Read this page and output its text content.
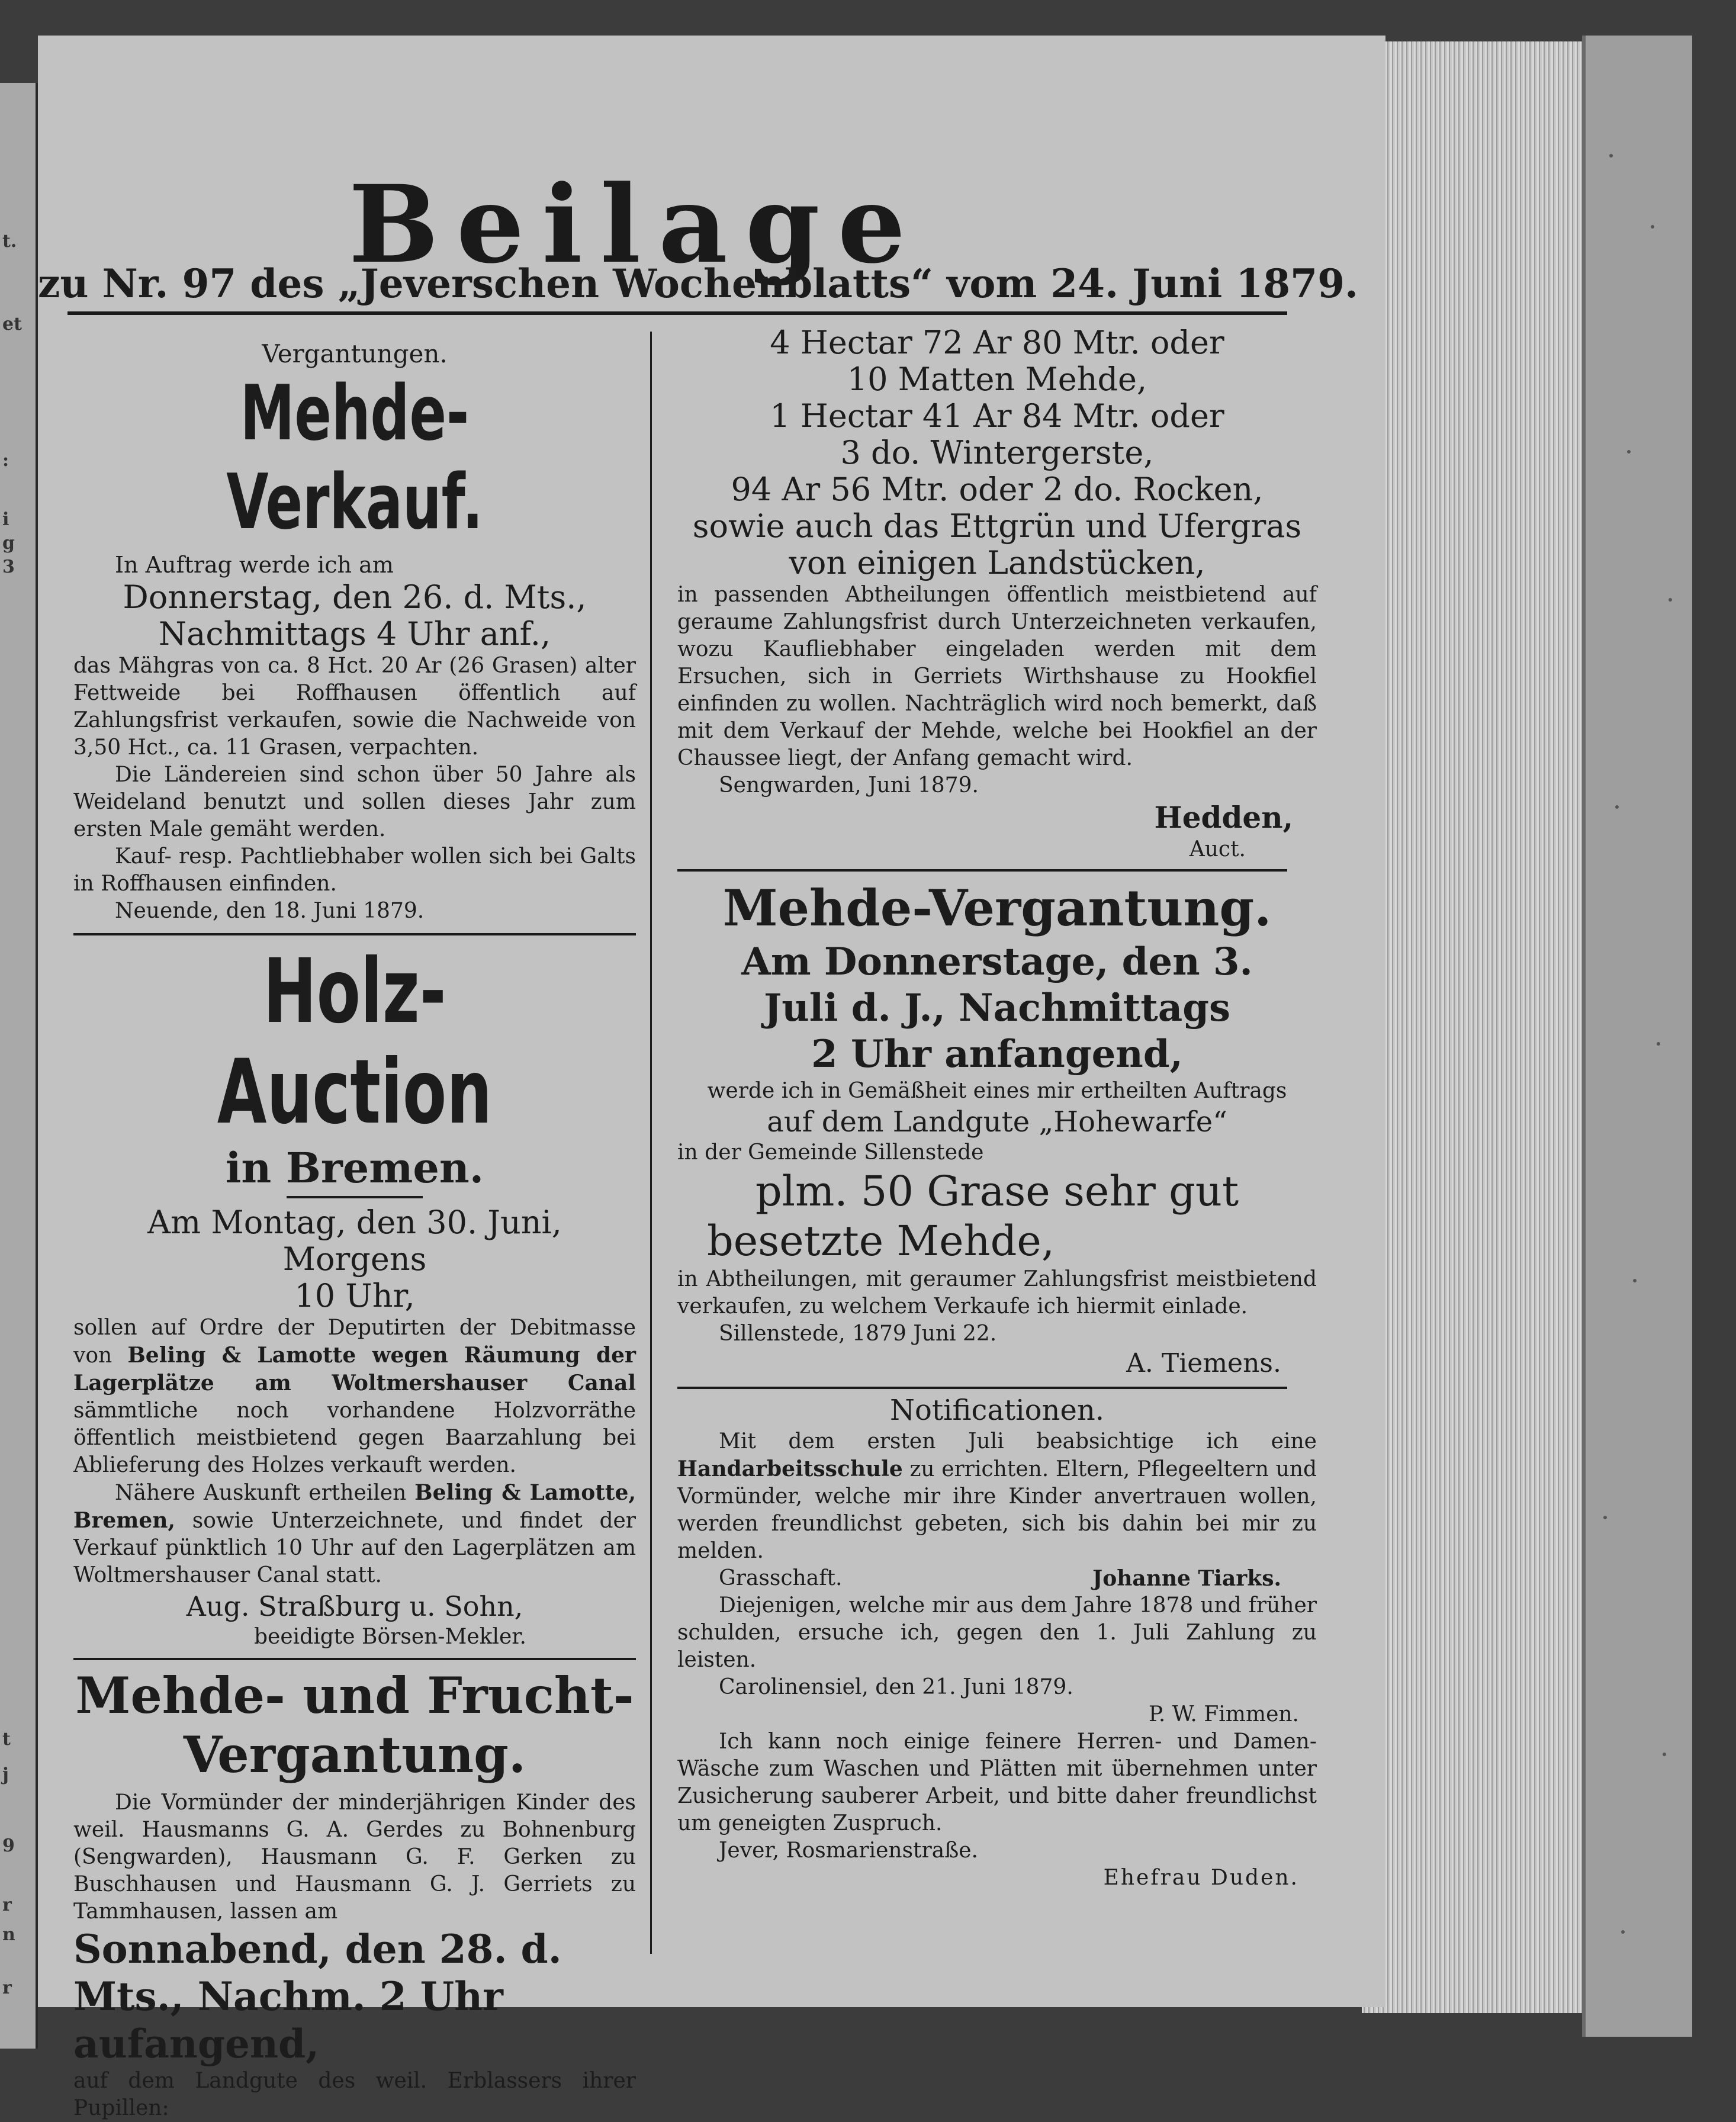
t.
et
:
i
g
3
t
j
9
r
n
r
Beilage
zu Nr. 97 des „Jeverschen Wochenblatts“ vom 24. Juni 1879.

Vergantungen.

Mehde-Verkauf.

In Auftrag werde ich am

Donnerstag, den 26. d. Mts.,

Nachmittags 4 Uhr anf.,

das Mähgras von ca. 8 Hct. 20 Ar (26 Grasen) alter Fettweide bei Roffhausen öffentlich auf Zahlungsfrist verkaufen, sowie die Nachweide von 3,50 Hct., ca. 11 Grasen, verpachten.

Die Ländereien sind schon über 50 Jahre als Weideland benutzt und sollen dieses Jahr zum ersten Male gemäht werden.

Kauf- resp. Pachtliebhaber wollen sich bei Galts in Roffhausen einfinden.

Neuende, den 18. Juni 1879.

Holz-Auction

in Bremen.

Am Montag, den 30. Juni, Morgens

10 Uhr,

sollen auf Ordre der Deputirten der Debitmasse von Beling & Lamotte wegen Räumung der Lagerplätze am Woltmershauser Canal sämmtliche noch vorhandene Holzvorräthe öffentlich meistbietend gegen Baarzahlung bei Ablieferung des Holzes verkauft werden.

Nähere Auskunft ertheilen Beling & Lamotte, Bremen, sowie Unterzeichnete, und findet der Verkauf pünktlich 10 Uhr auf den Lagerplätzen am Woltmershauser Canal statt.

Aug. Straßburg u. Sohn,

beeidigte Börsen-Mekler.

Mehde- und Frucht-

Vergantung.

Die Vormünder der minderjährigen Kinder des weil. Hausmanns G. A. Gerdes zu Bohnenburg (Sengwarden), Hausmann G. F. Gerken zu Buschhausen und Hausmann G. J. Gerriets zu Tammhausen, lassen am

Sonnabend, den 28. d.

Mts., Nachm. 2 Uhr

aufangend,

auf dem Landgute des weil. Erblassers ihrer Pupillen:

4 Hectar 72 Ar 80 Mtr. oder

10 Matten Mehde,

1 Hectar 41 Ar 84 Mtr. oder

3 do. Wintergerste,

94 Ar 56 Mtr. oder 2 do. Rocken,

sowie auch das Ettgrün und Ufergras von einigen Landstücken,

in passenden Abtheilungen öffentlich meistbietend auf geraume Zahlungsfrist durch Unterzeichneten verkaufen, wozu Kaufliebhaber eingeladen werden mit dem Ersuchen, sich in Gerriets Wirthshause zu Hookfiel einfinden zu wollen. Nachträglich wird noch bemerkt, daß mit dem Verkauf der Mehde, welche bei Hookfiel an der Chaussee liegt, der Anfang gemacht wird.

Sengwarden, Juni 1879.

Hedden,

Auct.

Mehde-Vergantung.

Am Donnerstage, den 3.

Juli d. J., Nachmittags

2 Uhr anfangend,

werde ich in Gemäßheit eines mir ertheilten Auftrags

auf dem Landgute „Hohewarfe“

in der Gemeinde Sillenstede

plm. 50 Grase sehr gut

besetzte Mehde,

in Abtheilungen, mit geraumer Zahlungsfrist meistbietend verkaufen, zu welchem Verkaufe ich hiermit einlade.

Sillenstede, 1879 Juni 22.

A. Tiemens.

Notificationen.

Mit dem ersten Juli beabsichtige ich eine Handarbeitsschule zu errichten. Eltern, Pflegeeltern und Vormünder, welche mir ihre Kinder anvertrauen wollen, werden freundlichst gebeten, sich bis dahin bei mir zu melden.

Grasschaft.	Johanne Tiarks.

Diejenigen, welche mir aus dem Jahre 1878 und früher schulden, ersuche ich, gegen den 1. Juli Zahlung zu leisten.

Carolinensiel, den 21. Juni 1879.

P. W. Fimmen.

Ich kann noch einige feinere Herren- und Damen-Wäsche zum Waschen und Plätten mit übernehmen unter Zusicherung sauberer Arbeit, und bitte daher freundlichst um geneigten Zuspruch.

Jever, Rosmarienstraße.

Ehefrau Duden.
